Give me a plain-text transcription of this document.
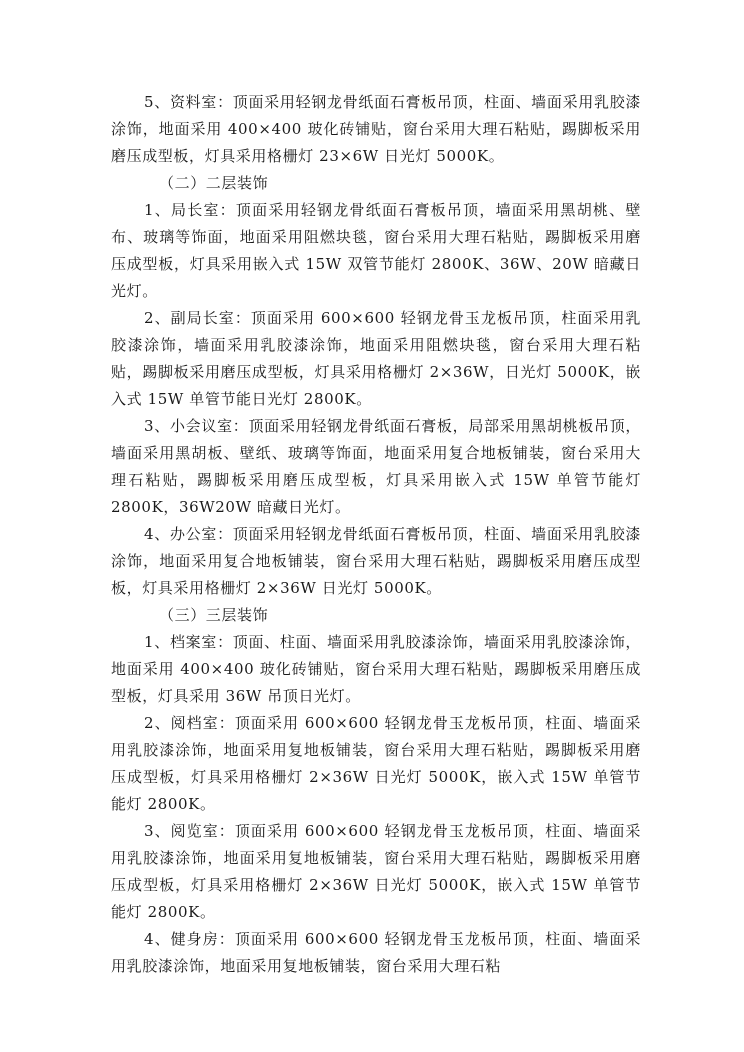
5、资料室：顶面采用轻钢龙骨纸面石膏板吊顶，柱面、墙面采用乳胶漆涂饰，地面采用 400×400 玻化砖铺贴，窗台采用大理石粘贴，踢脚板采用磨压成型板，灯具采用格栅灯 23×6W 日光灯 5000K。

（二）二层装饰

1、局长室：顶面采用轻钢龙骨纸面石膏板吊顶，墙面采用黑胡桃、壁布、玻璃等饰面，地面采用阻燃块毯，窗台采用大理石粘贴，踢脚板采用磨压成型板，灯具采用嵌入式 15W 双管节能灯 2800K、36W、20W 暗藏日光灯。

2、副局长室：顶面采用 600×600 轻钢龙骨玉龙板吊顶，柱面采用乳胶漆涂饰，墙面采用乳胶漆涂饰，地面采用阻燃块毯，窗台采用大理石粘贴，踢脚板采用磨压成型板，灯具采用格栅灯 2×36W，日光灯 5000K，嵌入式 15W 单管节能日光灯 2800K。

3、小会议室：顶面采用轻钢龙骨纸面石膏板，局部采用黑胡桃板吊顶，墙面采用黑胡板、壁纸、玻璃等饰面，地面采用复合地板铺装，窗台采用大理石粘贴，踢脚板采用磨压成型板，灯具采用嵌入式 15W 单管节能灯 2800K，36W20W 暗藏日光灯。

4、办公室：顶面采用轻钢龙骨纸面石膏板吊顶，柱面、墙面采用乳胶漆涂饰，地面采用复合地板铺装，窗台采用大理石粘贴，踢脚板采用磨压成型板，灯具采用格栅灯 2×36W 日光灯 5000K。

（三）三层装饰

1、档案室：顶面、柱面、墙面采用乳胶漆涂饰，墙面采用乳胶漆涂饰，地面采用 400×400 玻化砖铺贴，窗台采用大理石粘贴，踢脚板采用磨压成型板，灯具采用 36W 吊顶日光灯。

2、阅档室：顶面采用 600×600 轻钢龙骨玉龙板吊顶，柱面、墙面采用乳胶漆涂饰，地面采用复地板铺装，窗台采用大理石粘贴，踢脚板采用磨压成型板，灯具采用格栅灯 2×36W 日光灯 5000K，嵌入式 15W 单管节能灯 2800K。

3、阅览室：顶面采用 600×600 轻钢龙骨玉龙板吊顶，柱面、墙面采用乳胶漆涂饰，地面采用复地板铺装，窗台采用大理石粘贴，踢脚板采用磨压成型板，灯具采用格栅灯 2×36W 日光灯 5000K，嵌入式 15W 单管节能灯 2800K。

4、健身房：顶面采用 600×600 轻钢龙骨玉龙板吊顶，柱面、墙面采用乳胶漆涂饰，地面采用复地板铺装，窗台采用大理石粘
